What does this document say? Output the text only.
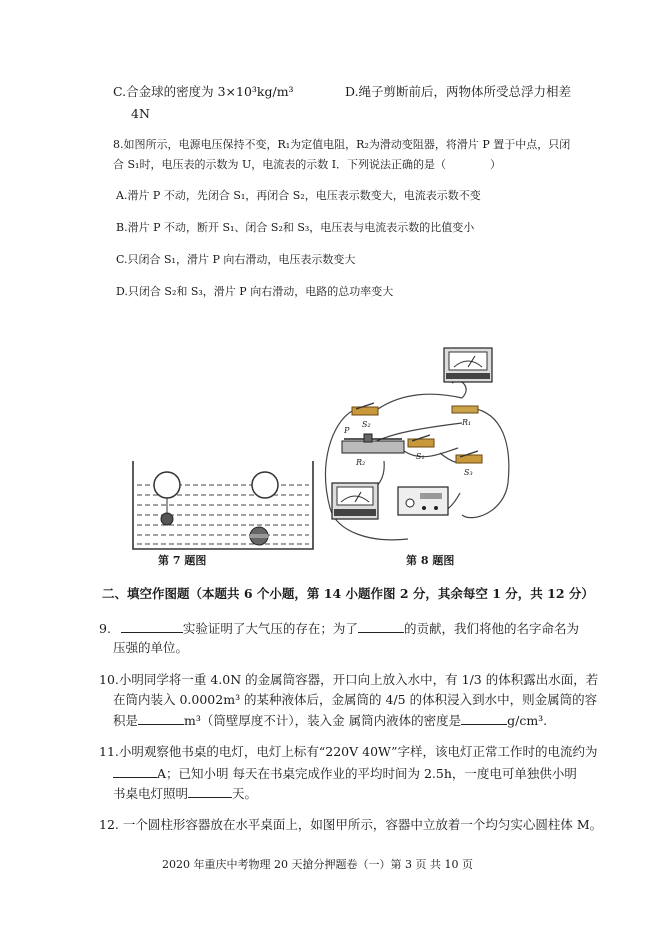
C.合金球的密度为 3×10³kg/m³	D.绳子剪断前后，两物体所受总浮力相差
4N
8.如图所示，电源电压保持不变，R₁为定值电阻，R₂为滑动变阻器，将滑片 P 置于中点，只闭
合 S₁时，电压表的示数为 U，电流表的示数 I．下列说法正确的是（　　　　）
A.滑片 P 不动，先闭合 S₁，再闭合 S₂，电压表示数变大，电流表示数不变
B.滑片 P 不动，断开 S₁、闭合 S₂和 S₃，电压表与电流表示数的比值变小
C.只闭合 S₁，滑片 P 向右滑动，电压表示数变大
D.只闭合 S₂和 S₃，滑片 P 向右滑动，电路的总功率变大
第 7 题图
R₁
S₂
P
R₂
S₁
S₃
第 8 题图
二、填空作图题（本题共 6 个小题，第 14 小题作图 2 分，其余每空 1 分，共 12 分）
9.	实验证明了大气压的存在；为了	的贡献，我们将他的名字命名为
压强的单位。
10.小明同学将一重 4.0N 的金属筒容器，开口向上放入水中，有 1/3 的体积露出水面，若
在筒内装入 0.0002m³ 的某种液体后，金属筒的 4/5 的体积浸入到水中，则金属筒的容
积是	m³（筒壁厚度不计），装入金 属筒内液体的密度是	g/cm³.
11.小明观察他书桌的电灯，电灯上标有“220V 40W”字样，该电灯正常工作时的电流约为
A；已知小明 每天在书桌完成作业的平均时间为 2.5h，一度电可单独供小明
书桌电灯照明	天。
12. 一个圆柱形容器放在水平桌面上，如图甲所示，容器中立放着一个均匀实心圆柱体 M。
2020 年重庆中考物理 20 天搶分押题卷（一）第 3 页 共 10 页
